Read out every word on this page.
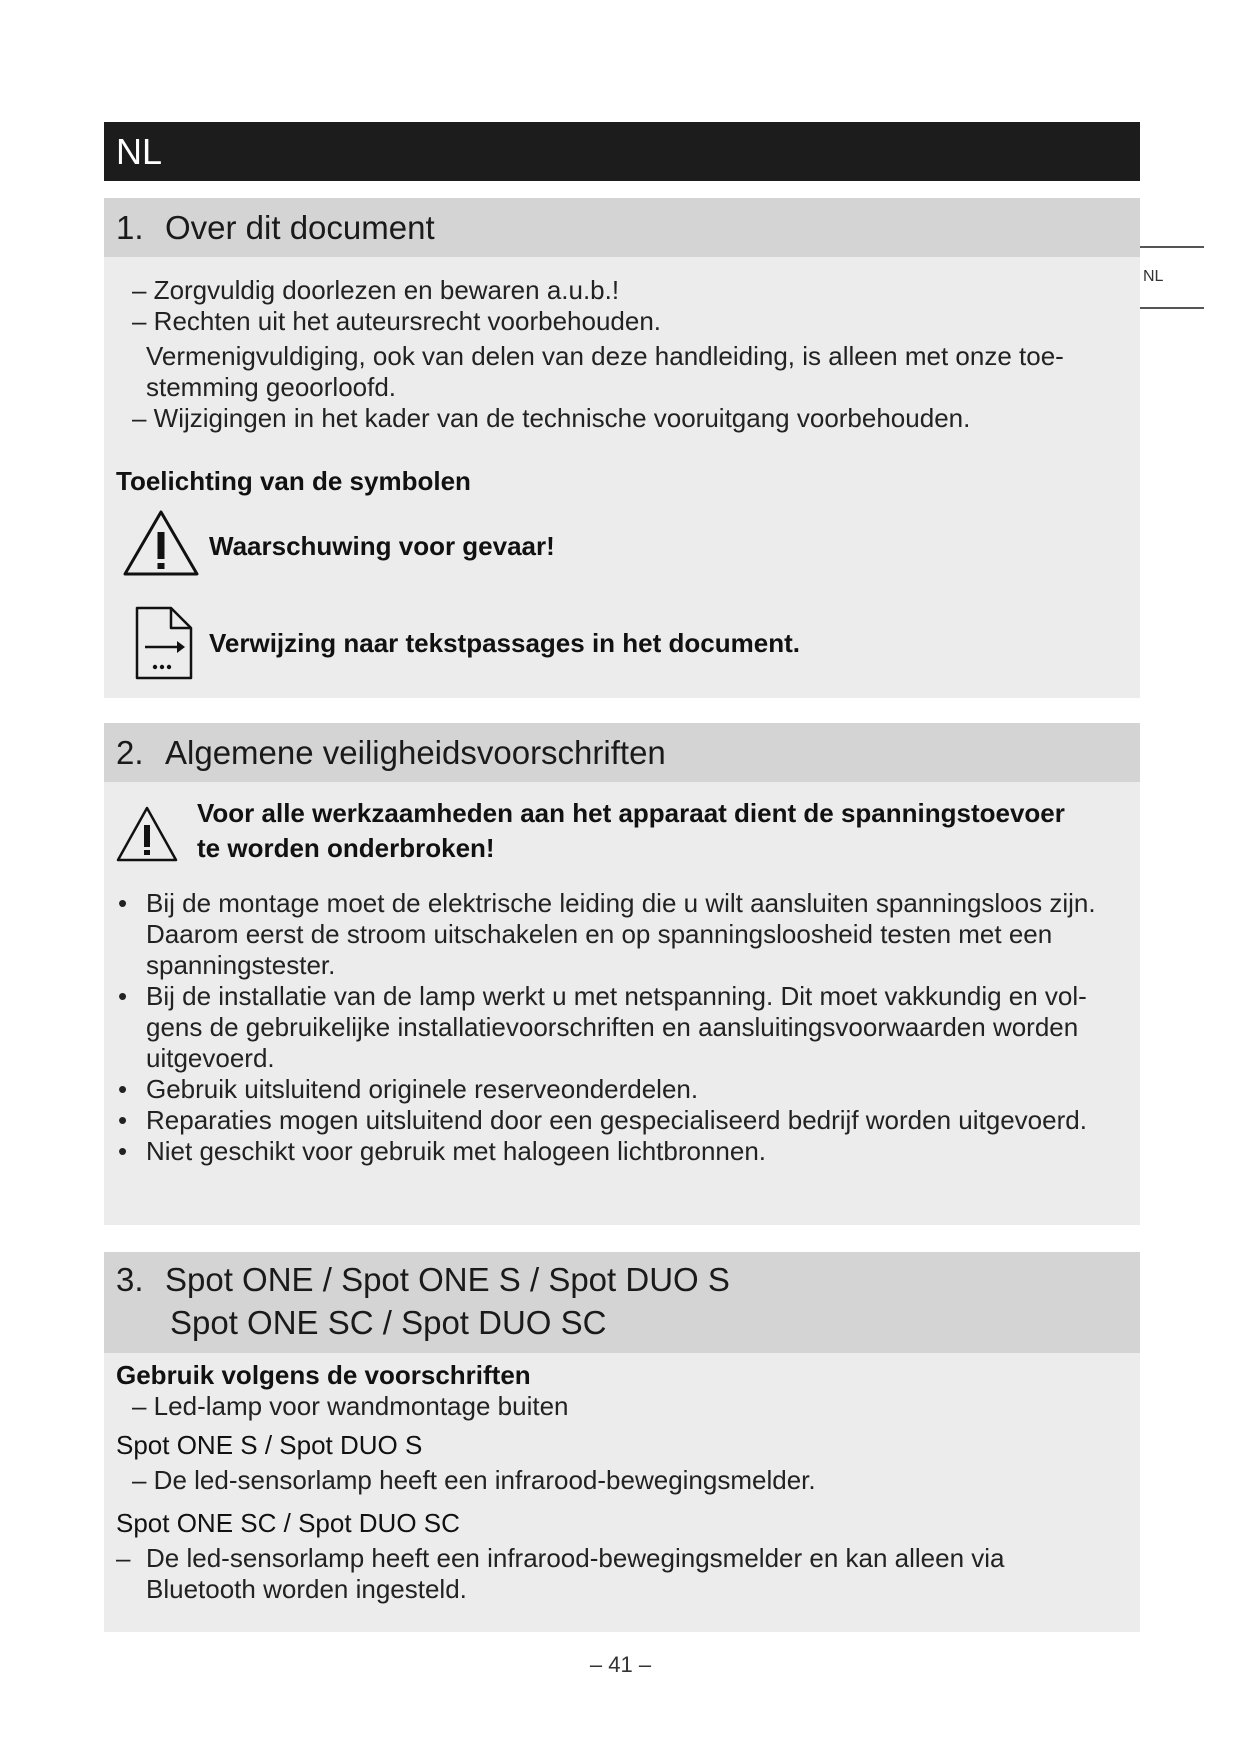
NL
NL
1. Over dit document
– Zorgvuldig doorlezen en bewaren a.u.b.!
– Rechten uit het auteursrecht voorbehouden.
Vermenigvuldiging, ook van delen van deze handleiding, is alleen met onze toe-
stemming geoorloofd.
– Wijzigingen in het kader van de technische vooruitgang voorbehouden.
Toelichting van de symbolen
Waarschuwing voor gevaar!
Verwijzing naar tekstpassages in het document.
2. Algemene veiligheidsvoorschriften
Voor alle werkzaamheden aan het apparaat dient de spanningstoevoer
te worden onderbroken!
• Bij de montage moet de elektrische leiding die u wilt aansluiten spanningsloos zijn. Daarom eerst de stroom uitschakelen en op spanningsloosheid testen met een spanningstester.
• Bij de installatie van de lamp werkt u met netspanning. Dit moet vakkundig en vol-gens de gebruikelijke installatievoorschriften en aansluitingsvoorwaarden worden uitgevoerd.
• Gebruik uitsluitend originele reserveonderdelen.
• Reparaties mogen uitsluitend door een gespecialiseerd bedrijf worden uitgevoerd.
• Niet geschikt voor gebruik met halogeen lichtbronnen.
3. Spot ONE / Spot ONE S / Spot DUO S
Spot ONE SC / Spot DUO SC
Gebruik volgens de voorschriften
– Led-lamp voor wandmontage buiten
Spot ONE S / Spot DUO S
– De led-sensorlamp heeft een infrarood-bewegingsmelder.
Spot ONE SC / Spot DUO SC
– De led-sensorlamp heeft een infrarood-bewegingsmelder en kan alleen via
Bluetooth worden ingesteld.
– 41 –
